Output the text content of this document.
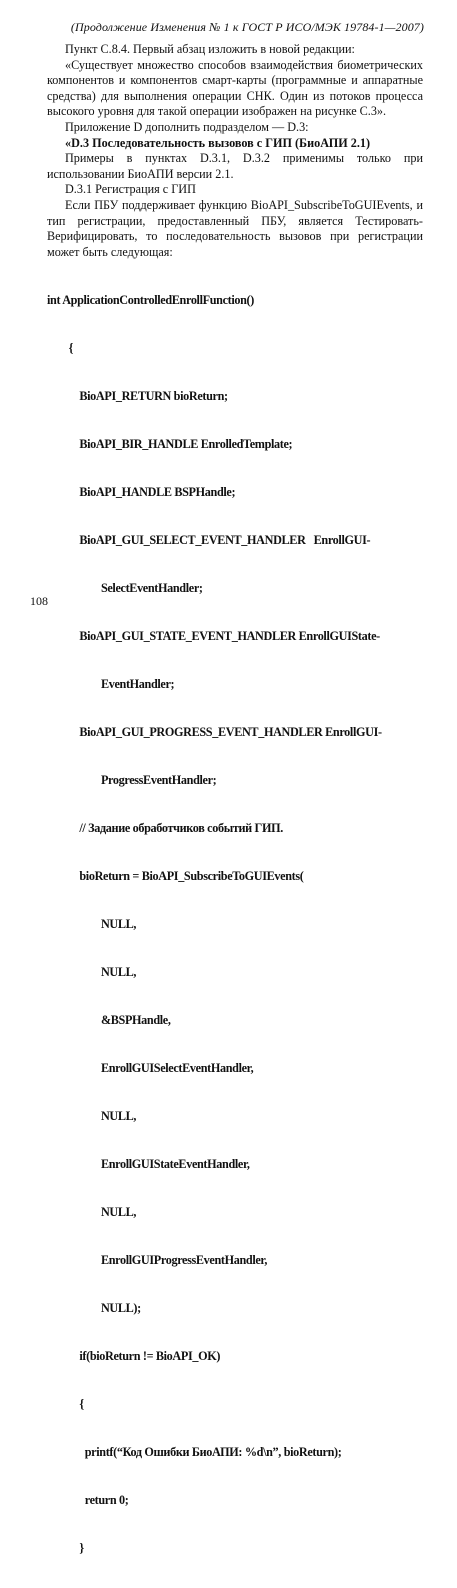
(Продолжение Изменения № 1 к ГОСТ Р ИСО/МЭК 19784-1—2007)

Пункт С.8.4. Первый абзац изложить в новой редакции:

«Существует множество способов взаимодействия биометрических компонентов и компонентов смарт-карты (программные и аппаратные средства) для выполнения операции СНК. Один из потоков процесса высокого уровня для такой операции изображен на рисунке С.3».

Приложение D дополнить подразделом — D.3:

«D.3 Последовательность вызовов с ГИП (БиоАПИ 2.1)

Примеры в пунктах D.3.1, D.3.2 применимы только при использовании БиоАПИ версии 2.1.

D.3.1 Регистрация с ГИП

Если ПБУ поддерживает функцию BioAPI_SubscribeToGUIEvents, и тип регистрации, предоставленный ПБУ, является Тестировать-Верифицировать, то последовательность вызовов при регистрации может быть следующая:

int ApplicationControlledEnrollFunction()

{

BioAPI_RETURN bioReturn;

BioAPI_BIR_HANDLE EnrolledTemplate;

BioAPI_HANDLE BSPHandle;

BioAPI_GUI_SELECT_EVENT_HANDLER   EnrollGUI-

SelectEventHandler;

BioAPI_GUI_STATE_EVENT_HANDLER EnrollGUIState-

EventHandler;

BioAPI_GUI_PROGRESS_EVENT_HANDLER EnrollGUI-

ProgressEventHandler;

// Задание обработчиков событий ГИП.

bioReturn = BioAPI_SubscribeToGUIEvents(

NULL,

NULL,

&BSPHandle,

EnrollGUISelectEventHandler,

NULL,

EnrollGUIStateEventHandler,

NULL,

EnrollGUIProgressEventHandler,

NULL);

if(bioReturn != BioAPI_OK)

{

printf(“Код Ошибки БиоАПИ: %d\n”, bioReturn);

return 0;

}

108
